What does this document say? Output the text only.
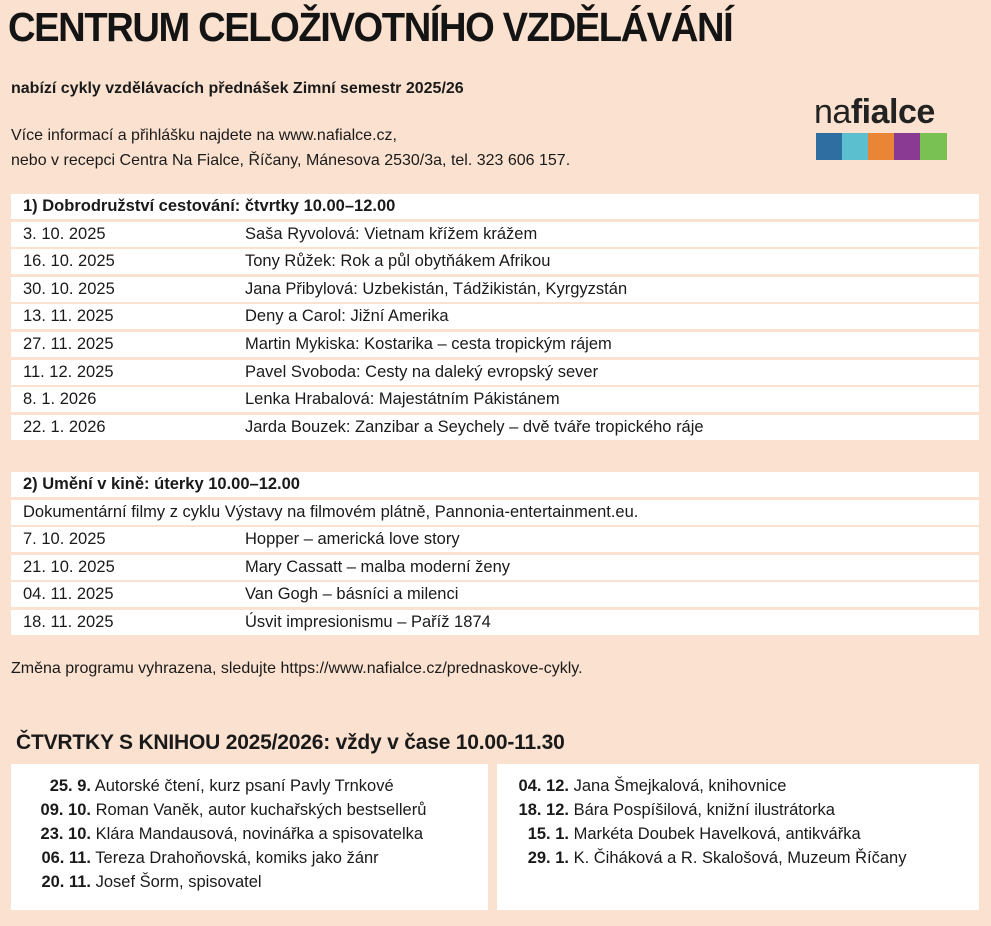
CENTRUM CELOŽIVOTNÍHO VZDĚLÁVÁNÍ
nabízí cykly vzdělávacích přednášek Zimní semestr 2025/26
Více informací a přihlášku najdete na www.nafialce.cz,
nebo v recepci Centra Na Fialce, Říčany, Mánesova 2530/3a, tel. 323 606 157.
nafialce
1) Dobrodružství cestování: čtvrtky 10.00–12.00
3. 10. 2025	Saša Ryvolová: Vietnam křížem krážem
16. 10. 2025	Tony Růžek: Rok a půl obytňákem Afrikou
30. 10. 2025	Jana Přibylová: Uzbekistán, Tádžikistán, Kyrgyzstán
13. 11. 2025	Deny a Carol: Jižní Amerika
27. 11. 2025	Martin Mykiska: Kostarika – cesta tropickým rájem
11. 12. 2025	Pavel Svoboda: Cesty na daleký evropský sever
8. 1. 2026	Lenka Hrabalová: Majestátním Pákistánem
22. 1. 2026	Jarda Bouzek: Zanzibar a Seychely – dvě tváře tropického ráje
2) Umění v kině: úterky 10.00–12.00
Dokumentární filmy z cyklu Výstavy na filmovém plátně, Pannonia-entertainment.eu.
7. 10. 2025	Hopper – americká love story
21. 10. 2025	Mary Cassatt – malba moderní ženy
04. 11. 2025	Van Gogh – básníci a milenci
18. 11. 2025	Úsvit impresionismu – Paříž 1874
Změna programu vyhrazena, sledujte https://www.nafialce.cz/prednaskove-cykly.
ČTVRTKY S KNIHOU 2025/2026: vždy v čase 10.00-11.30
25. 9. Autorské čtení, kurz psaní Pavly Trnkové
09. 10. Roman Vaněk, autor kuchařských bestsellerů
23. 10. Klára Mandausová, novinářka a spisovatelka
06. 11. Tereza Drahoňovská, komiks jako žánr
20. 11. Josef Šorm, spisovatel
04. 12. Jana Šmejkalová, knihovnice
18. 12. Bára Pospíšilová, knižní ilustrátorka
15. 1. Markéta Doubek Havelková, antikvářka
29. 1. K. Čiháková a R. Skalošová, Muzeum Říčany
